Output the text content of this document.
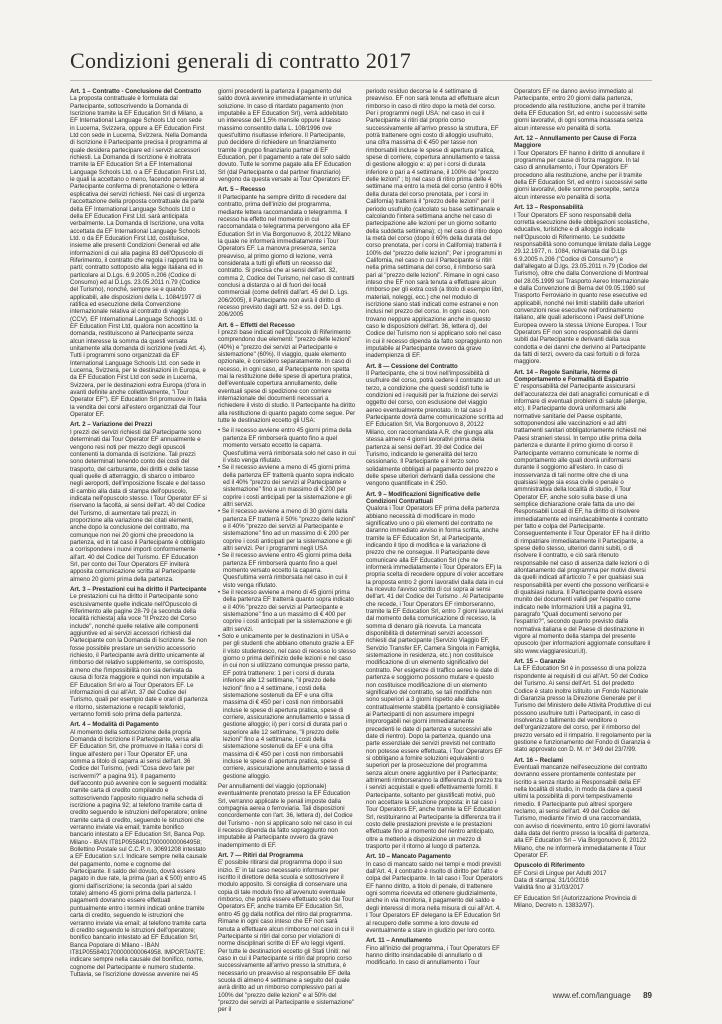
Condizioni generali di contratto 2017
Art. 1 – Contratto - Conclusione del Contratto

La proposta contrattuale è formulata dal Partecipante, sottoscrivendo la Domanda di Iscrizione tramite la EF Education Srl di Milano, a EF International Language Schools Ltd con sede in Lucerna, Svizzera, oppure a EF Education First Ltd con sede in Lucerna, Svizzera. Nella Domanda di Iscrizione il Partecipante precisa il programma al quale desidera partecipare ed i servizi accessori richiesti. La Domanda di Iscrizione è inoltrata tramite la EF Education Srl a EF International Language Schools Ltd. o a EF Education First Ltd, le quali la accettano o meno, facendo pervenire al Partecipante conferma di prenotazione o lettera esplicativa dei servizi richiesti. Nei casi di urgenza l'accettazione della proposta contrattuale da parte della EF International Language Schools Ltd o della EF Education First Ltd. sarà anticipata verbalmente. La Domanda di Iscrizione, una volta accettata da EF International Language Schools Ltd. o da EF Education First Ltd, costituisce, insieme alle presenti Condizioni Generali ed alle informazioni di cui alla pagina 83 dell'Opuscolo di Riferimento, il contratto che regola i rapporti tra le parti; contratto sottoposto alla legge italiana ed in particolare al D.Lgs. 6.9.2005 n.206 (Codice di Consumo) ed al D.Lgs. 23.05.2011 n.79 (Codice del Turismo), nonché, sempre se e quando applicabili, alle disposizioni della L. 1084/1977 di ratifica ed esecuzione della Convenzione internazionale relativa al contratto di viaggio (CCV). EF International Language Schools Ltd. o EF Education First Ltd, qualora non accettino la domanda, restituiscono al Partecipante senza alcun interesse la somma da questi versata unitamente alla domanda di iscrizione (vedi Art. 4). Tutti i programmi sono organizzati da EF International Language Schools Ltd. con sede in Lucerna, Svizzera, per le destinazioni in Europa, e da EF Education First Ltd con sede in Lucerna, Svizzera, per le destinazioni extra Europa (d'ora in avanti definite anche collettivamente, "i Tour Operator EF"). EF Education Srl promuove in Italia la vendita dei corsi all'estero organizzati dai Tour Operator EF.

Art. 2 – Variazione dei Prezzi

I prezzi dei servizi richiesti dal Partecipante sono determinati dai Tour Operator EF annualmente e vengono resi noti per mezzo degli opuscoli contenenti la domanda di iscrizione. Tali prezzi sono determinati tenendo conto dei costi del trasporto, del carburante, dei diritti e delle tasse quali quelle di atterraggio, di sbarco o imbarco negli aeroporti, dell'imposizione fiscale e del tasso di cambio alla data di stampa dell'opuscolo, indicata nell'opuscolo stesso. I Tour Operator EF si riservano la facoltà, ai sensi dell'art. 40 del Codice del Turismo, di aumentare tali prezzi, in proporzione alla variazione dei citati elementi, anche dopo la conclusione del contratto, ma comunque non nei 20 giorni che precedono la partenza, ed in tal caso il Partecipante è obbligato a corrispondere i nuovi importi conformemente all'art. 40 del Codice del Turismo. EF Education Srl, per conto dei Tour Operators EF inviterà apposita comunicazione scritta al Partecipante almeno 20 giorni prima della partenza.

Art. 3 – Prestazioni cui ha diritto il Partecipante

Le prestazioni cui ha diritto il Partecipante sono esclusivamente quelle indicate nell'Opuscolo di Riferimento alle pagine 28-79 (a seconda della località richiesta) alla voce "Il Prezzo del Corso include", nonché quelle relative alle componenti aggiuntive ed ai servizi accessori richiesti dal Partecipante con la Domanda di Iscrizione. Se non fosse possibile prestare un servizio accessorio richiesto, il Partecipante avrà diritto unicamente al rimborso del relativo supplemento, se corrisposto, a meno che l'impossibilità non sia derivata da causa di forza maggiore e quindi non imputabile a EF Education Srl e/o ai Tour Operators EF. Le informazioni di cui all'Art. 37 del Codice del Turismo, quali per esempio date e orari di partenza e ritorno, sistemazione e recapiti telefonici, verranno forniti solo prima della partenza.

Art. 4 – Modalità di Pagamento

Al momento della sottoscrizione della propria Domanda di Iscrizione il Partecipante, versa alla EF Education Srl, che promuove in Italia i corsi di lingue all'estero per i Tour Operator EF, una somma a titolo di caparra ai sensi dell'art. 36 Codice del Turismo, (vedi "Cosa devo fare per iscrivermi?" a pagina 91). Il pagamento dell'acconto può avvenire con le seguenti modalità: tramite carta di credito compilando e sottoscrivendo l'apposito riquadro nella scheda di iscrizione a pagina 92; al telefono tramite carta di credito seguendo le istruzioni dell'operatore; online tramite carta di credito, seguendo le istruzioni che verranno inviate via email; tramite bonifico bancario intestato a EF Education Srl, Banca Pop. Milano - IBAN IT81P0558401700000000064958; Bollettino Postale sul C.C.P. n. 30691208 intestato a EF Education s.r.l. Indicare sempre nella causale del pagamento, nome e cognome del Partecipante. Il saldo del dovuto, dovrà essere pagato in due rate, la prima (pari a € 500) entro 45 giorni dall'iscrizione; la seconda (pari al saldo totale) almeno 45 giorni prima della partenza. I pagamenti dovranno essere effettuati puntualmente entro i termini indicati online tramite carta di credito, seguendo le istruzioni che verranno inviate via email; al telefono tramite carta di credito seguendo le istruzioni dell'operatore; bonifico bancario intestato ad EF Education Srl, Banca Popolare di Milano - IBAN IT81P0558401700000000064958. IMPORTANTE: indicare sempre nella causale del bonifico, nome, cognome del Partecipante e numero studente. Tuttavia, se l'iscrizione dovesse avvenire nei 45

giorni precedenti la partenza il pagamento del saldo dovrà avvenire immediatamente in un'unica soluzione. In caso di ritardato pagamento (non imputabile a EF Education Srl), verrà addebitato un interesse del 1,5% mensile oppure il tasso massimo consentito dalla L. 108/1996 ove quest'ultimo risultasse inferiore. Il Partecipante, può decidere di richiedere un finanziamento tramite il gruppo finanziario partner di EF Education, per il pagamento a rate del solo saldo dovuto. Tutte le somme pagate alla EF Education Srl (dal Partecipante o dal partner finanziario) vengono da questa versate ai Tour Operators EF.

Art. 5 – Recesso

Il Partecipante ha sempre diritto di recedere dal contratto, prima dell'inizio del programma, mediante lettera raccomandata o telegramma. Il recesso ha effetto nel momento in cui raccomandata o telegramma pervengono alla EF Education Srl in Via Borgonuovo 8, 20122 Milano la quale ne informerà immediatamente i Tour Operators EF. La manovra presenza, senza preavviso, al primo giorno di lezione, verrà considerata a tutti gli effetti un recesso dal contratto. Si precisa che ai sensi dell'art. 32, comma 2, Codice del Turismo, nel caso di contratti conclusi a distanza o al di fuori dei locali commerciali (come definiti dall'art. 45 del D. Lgs. 206/2005), il Partecipante non avrà il diritto di recesso previsto dagli artt. 52 e ss. del D. Lgs. 206/2005

Art. 6 – Effetti del Recesso

I prezzi base indicati nell'Opuscolo di Riferimento comprendono due elementi: "prezzo delle lezioni" (40%) e "prezzo dei servizi al Partecipante e sistemazione" (60%). Il viaggio, quale elemento opzionale, è considero separatamente. In caso di recesso, in ogni caso, al Partecipante non spetta mai la restituzione delle spese di apertura pratica, dell'eventuale copertura annullamento, delle eventuali spese di spedizione con corriere internazionale dei documenti necessari a richiedere il visto di studio. Il Partecipante ha diritto alla restituzione di quanto pagato come segue. Per tutte le destinazioni eccetto gli USA:

• Se il recesso avviene entro 45 giorni prima della partenza EF rimborserà quanto fino a quel momento versato eccetto la caparra. Quest'ultima verrà rimborsata solo nel caso in cui il visto venga rifiutato.
• Se il recesso avviene a meno di 45 giorni prima della partenza EF tratterrà quanto sopra indicato ed il 40% "prezzo dei servizi al Partecipante e sistemazione" fino a un massimo di € 200 per coprire i costi anticipati per la sistemazione e gli altri servizi.
• Se il recesso avviene a meno di 30 giorni dalla partenza EF tratterrà il 50% "prezzo delle lezioni" e il 40% "prezzo dei servizi al Partecipante e sistemazione" fino ad un massimo di € 200 per coprire i costi anticipati per la sistemazione e gli altri servizi. Per i programmi negli USA
• Se il recesso avviene entro 45 giorni prima della partenza EF rimborserà quanto fino a quel momento versato eccetto la caparra. Quest'ultima verrà rimborsata nel caso in cui il visto venga rifiutato.
• Se il recesso avviene a meno di 45 giorni prima della partenza EF tratterrà quanto sopra indicato e il 40% "prezzo dei servizi al Partecipante e sistemazione" fino a un massimo di € 400 per coprire i costi anticipati per la sistemazione e gli altri servizi.
• Solo e unicamente per le destinazioni in USA e per gli studenti che abbiano ottenuto grazie a EF il visto studentesco, nel caso di recesso lo stesso giorno o prima dell'inizio delle lezioni e nel caso in cui non si utilizzano comunque presso parte, EF potrà trattenere: 1 per i corsi di durata inferiore alle 12 settimane, "il prezzo delle lezioni" fino a 4 settimane, i costi della sistemazione sostenuti da EF e una cifra massima di € 450 per i costi non rimborsabili incluse le spese di apertura pratica, spese di corriere, assicurazione annullamento e tassa di gestione alloggio; ii) per i corsi di durata pari o superiore alle 12 settimane, "il prezzo delle lezioni" fino a 4 settimane, i costi della sistemazione sostenuti da EF e una cifra massima di € 450 per i costi non rimborsabili incluse le spese di apertura pratica, spese di corriere, assicurazione annullamento e tassa di gestione alloggio.

Per annullamenti del viaggio (opzionale) eventualmente prenotato presso la EF Education Srl, verranno applicate le penali imposte dalla compagnia aerea o ferroviaria. Tali disposizioni concordemente con l'art. 36, lettera d), del Codice del Turismo - non si applicano solo nel caso in cui il recesso dipenda da fatto sopraggiunto non imputabile al Partecipante ovvero da grave inadempimento di EF.

Art. 7 — Ritiri dal Programma

E' possibile ritirarsi dal programma dopo il suo inizio. E' in tal caso necessario informare per iscritto il direttore della scuola e sottoscrivere il modulo apposito. Si consiglia di conservare una copia di tale modulo fino all'avvenuto eventuale rimborso, che potrà essere effettuato solo dai Tour Operators EF, anche tramite EF Education Srl, entro 45 gg dalla notifica del ritiro dal programma. Rimane in ogni caso inteso che EF non sarà tenuta a effettuare alcun rimborso nel caso in cui il Partecipante si ritiri dal corso per violazioni di norme disciplinari scritte di EF e/o leggi vigenti. Per tutte le destinazioni eccetto gli Stati Uniti: nel caso in cui il Partecipante si ritiri dal proprio corso successivamente all'arrivo presso la struttura, è necessario un preavviso al responsabile EF della scuola di almeno 4 settimane a seguito del quale avrà diritto ad un rimborso complessivo pari al 100% del "prezzo delle lezioni" e al 50% del "prezzo dei servizi al Partecipante e sistemazione" per il

periodo residuo decorse le 4 settimane di preavviso. EF non sarà tenuta ad effettuare alcun rimborso in caso di ritiro dopo la metà del corso. Per i programmi negli USA: nel caso in cui il Partecipante si ritiri dal proprio corso successivamente all'arrivo presso la struttura, EF potrà trattenere ogni costo di alloggio usufruito, una cifra massima di € 450 per tasse non rimborsabili incluse le spese di apertura pratica, spese di corriere, copertura annullamento e tassa di gestione alloggio e: a) per i corsi di durata inferiore o pari a 4 settimane, il 100% del "prezzo delle lezioni" ; b) nel caso di ritiro prima delle 4 settimane ma entro la metà del corso (entro il 60% della durata del corso prenotata, per i corsi in California) tratterrà il "prezzo delle lezioni" per il periodo usufruito (calcolato su base settimanale e calcolando l'intera settimana anche nel caso di partecipazione alle lezioni per un giorno soltanto della suddetta settimana); c) nel caso di ritiro dopo la metà del corso (dopo il 60% della durata del corso prenotata, per i corsi in California) tratterrà il 100% del "prezzo delle lezioni"; Per i programmi in California, nel caso in cui il Partecipante si ritiri nella prima settimana del corso, il rimborso sarà pari al "prezzo delle lezioni". Rimane in ogni caso inteso che EF non sarà tenuta a effettuare alcun rimborso per gli extra costi (a titolo di esempio libri, materiali, noleggi, ecc.) che nel modulo di iscrizione siano stati indicati come estranei e non inclusi nel prezzo del corso. In ogni caso, non trovano neppure applicazione anche in questo caso le disposizioni dell'art. 36, lettera d), del Codice del Turismo non si applicano solo nel caso in cui il recesso dipenda da fatto sopraggiunto non imputabile al Partecipante ovvero da grave inadempienza di EF.

Art. 8 — Cessione del Contratto

Il Partecipante, che si trovi nell'impossibilità di usufruire del corso, potrà cedere il contratto ad un terzo, a condizione che questi soddisfi tutte le condizioni ed i requisiti per la fruizione dei servizi oggetto del corso, con esclusione del viaggio aereo eventualmente prenotato. In tal caso il Partecipante dovrà darne comunicazione scritta ad EF Education Srl, Via Borgonuovo 8, 20122 Milano, con raccomandata A.R. che giunga alla stessa almeno 4 giorni lavorativi prima della partenza ai sensi dell'art. 39 del Codice del Turismo, indicando le generalità del terzo cessionario. Il Partecipante e il terzo sono solidalmente obbligati al pagamento del prezzo e delle spese ulteriori derivanti dalla cessione che vengono quantificate in € 250.

Art. 9 – Modificazioni Significative delle Condizioni Contrattuali

Qualora i Tour Operators EF prima della partenza abbiano necessità di modificare in modo significativo uno o più elementi del contratto ne daranno immediato avviso in forma scritta, anche tramite la EF Education Srl, al Partecipante, indicando il tipo di modifica e la variazione di prezzo che ne consegue. Il Partecipante deve comunicare alla EF Education Srl (che ne informerà immediatamente i Tour Operators EF) la propria scelta di recedere oppure di voler accettare la proposta entro 2 giorni lavorativi dalla data in cui ha ricevuto l'avviso scritto di cui sopra ai sensi dell'art. 41 del Codice del Turismo . Al Partecipante che recede, i Tour Operators EF rimborseranno, tramite la EF Education Srl, entro 7 giorni lavorativi dal momento della comunicazione di recesso, la somma di denaro già ricevuta. La mancata disponibilità di determinati servizi accessori richiesti dal partecipante (Servizio Viaggio EF, Servizio Transfer EF, Camera Singola in Famiglia, sistemazione in residenza, etc.) non costituisce modificazione di un elemento significativo del contratto. Per esigenze di traffico aereo le date di partenza e soggiorno possono mutare e questo non costituisce modificazione di un elemento significativo del contratto, se tali modifiche non sono superiori a 3 giorni rispetto alle data contrattualmente stabilita (pertanto è consigliabile ai Partecipanti di non assumere impegni improrogabili nei giorni immediatamente precedenti le date di partenza e successivi alle date di rientro). Dopo la partenza, quando una parte essenziale dei servizi previsti nel contratto non potesse essere effettuata, i Tour Operators EF si obbligano a fornire soluzioni equivalenti o superiori per la prosecuzione del programma senza alcun onere aggiuntivo per il Partecipante; altrimenti rimborseranno la differenza di prezzo tra i servizi acquistati e quelli effettivamente forniti. Il Partecipante, soltanto per giustificati motivi, può non accettare la soluzione proposta: in tal caso i Tour Operators EF, anche tramite la EF Education Srl, restituiranno al Partecipante la differenza tra il costo delle prestazioni previste e le prestazioni effettuate fino al momento del rientro anticipato, oltre a metterlo a disposizione un mezzo di trasporto per il ritorno al luogo di partenza.

Art. 10 – Mancato Pagamento

In caso di mancato saldo nei tempi e modi previsti dall'Art. 4, il contratto è risolto di diritto per fatto e colpa del Partecipante. In tal caso i Tour Operators EF hanno diritto, a titolo di penale, di trattenere ogni somma ricevuta ed ottenere giudizialmente, anche in via monitoria, il pagamento del saldo e degli interessi di mora nella misura di cui all'Art. 4. I Tour Operators EF delegano la EF Education Srl al recupero delle somme a loro dovute ed eventualmente a stare in giudizio per loro conto.

Art. 11 – Annullamento

Fino all'inizio del programma, i Tour Operators EF hanno diritto insindacabile di annullarlo o di modificarlo. In caso di annullamento i Tour

Operators EF ne danno avviso immediato al Partecipante, entro 20 giorni dalla partenza, procedendo alla restituzione, anche per il tramite della EF Education Srl, ed entro i successivi sette giorni lavorativi, di ogni somma incassata senza alcun interesse e/o penalità di sorta.

Art. 12 – Annullamento per Cause di Forza Maggiore

I Tour Operators EF hanno il diritto di annullare il programma per cause di forza maggiore. In tal caso di annullamento, i Tour Operators EF procedono alla restituzione, anche per il tramite della EF Education Srl, ed entro i successivi sette giorni lavorativi, delle somme percepite, senza alcun interesse e/o penalità di sorta.

Art. 13 – Responsabilità

I Tour Operators EF sono responsabili della corretta esecuzione delle obbligazioni scolastiche, educative, turistiche e di alloggio indicate nell'Opuscolo di Riferimento. Le suddette responsabilità sono comunque limitate dalla Legge 29.12.1977, n. 1084, richiamata dal D.Lgs 6.9.2005 n.206 ("Codice di Consumo") e dall'allegato al D.lgs. 23.05.2011 n.79 (Codice del Turismo), oltre che dalla Convenzione di Montreal del 28.05.1999 sul Trasporto Aereo Internazionale e dalla Convenzione di Berna del 09.05.1980 sul Trasporto Ferroviario in quanto rese esecutive ed applicabili, nonché nei limiti stabiliti dalle ulteriori convenzioni rese esecutive nell'ordinamento italiano, alle quali aderiscono i Paesi dell'Unione Europea ovvero la stessa Unione Europea. I Tour Operators EF non sono responsabili dei danni subiti dal Partecipante e derivanti dalla sua condotta e dei danni che derivino al Partecipante da fatti di terzi, ovvero da casi fortuiti o di forza maggiore.

Art. 14 – Regole Sanitarie, Norme di Comportamento e Formalità di Espatrio

E' responsabilità del Partecipante assicurarsi dell'accuratezza dei dati anagrafici comunicati e di informare di eventuali problemi di salute (allergie, etc). Il Partecipante dovrà uniformarsi alle normative sanitarie del Paese ospitante, sottoponendosi alle vaccinazioni e ad altri trattamenti sanitari obbligatoriamente richiesti nei Paesi stranieri stessi. In tempo utile prima della partenza e durante il primo giorno di corso il Partecipante verranno comunicate le norme di comportamento alle quali dovrà uniformarsi durante il soggiorno all'estero. In caso di inosservanza di tali norme oltre che di una qualsiasi legge sia essa civile o penale o ammnistrativa della località di studio, il Tour Operator EF, anche solo sulla base di una semplice dichiarazione orale fatta da uno dei Responsabili Locali di EF, ha diritto di risolvere immediatamente ed insindacabilmente il contratto per fatto e colpa del Partecipante. Conseguentemente il Tour Operator EF ha il diritto di rimpatriare immediatamente il Partecipante, a spese dello stesso, ulteriori danni subiti, o di risolvere il contratto, e ciò sarà ritenuto responsabile nel caso di assenza dalle lezioni o di allontanamento dal programma per motivi diversi da quelli indicati all'articolo 7 e per qualsiasi sua responsabilità per eventi che possono verificarsi e di qualsiasi natura. Il Partecipante dovrà essere munito dei documenti validi per l'espatrio come indicato nelle Informazioni Utili a pagina 91, paragrafo "Quali documenti servono per l'espatrio?", secondo quanto previsto dalla normativa italiana e del Paese di destinazione in vigore al momento della stampa del presente opuscolo (per informazioni aggiornate consultare il sito www.viaggiaresicuri.it).

Art. 15 – Garanzie

La EF Education Srl è in possesso di una polizza rispondente ai requisiti di cui all'Art. 50 del Codice del Turismo. Ai sensi dell'Art. 51 del predetto Codice è stato inoltre istituito un Fondo Nazionale di Garanzia presso la Direzione Generale per il Turismo del Ministero delle Attività Produttive di cui possono usufruire tutti i Partecipanti, in caso di insolvenza o fallimento del venditore o dell'organizzatore del corso, per il rimborso del prezzo versato ed il rimpatrio. Il regolamento per la gestione e funzionamento del Fondo di Garanzia è stato approvato con D. M. n° 349 del 23/7/99.

Art. 16 – Reclami

Eventuali mancanze nell'esecuzione del contratto dovranno essere prontamente contestate per iscritto a senza ritardo ai Responsabili della EF nella località di studio, in modo da dare a questi ultimi la possibilità di porvi tempestivamente rimedio. Il Partecipante può altresì sporgere reclamo, ai sensi dell'art. 49 del Codice del Turismo, mediante l'invio di una raccomandata, con avviso di ricevimento, entro 10 giorni lavorativi dalla data del rientro presso la località di partenza, alla EF Education Srl – Via Borgonuovo 8, 20122 Milano, che ne informerà immediatamente il Tour Operator EF.

Opuscolo di Riferimento

EF Corsi di Lingue per Adulti 2017
Data di stampa: 31/10/2016
Validità fino al 31/03/2017

EF Education Srl (Autorizzazione Provincia di Milano, Decreto n. 13832/97).

www.ef.com/language 89
